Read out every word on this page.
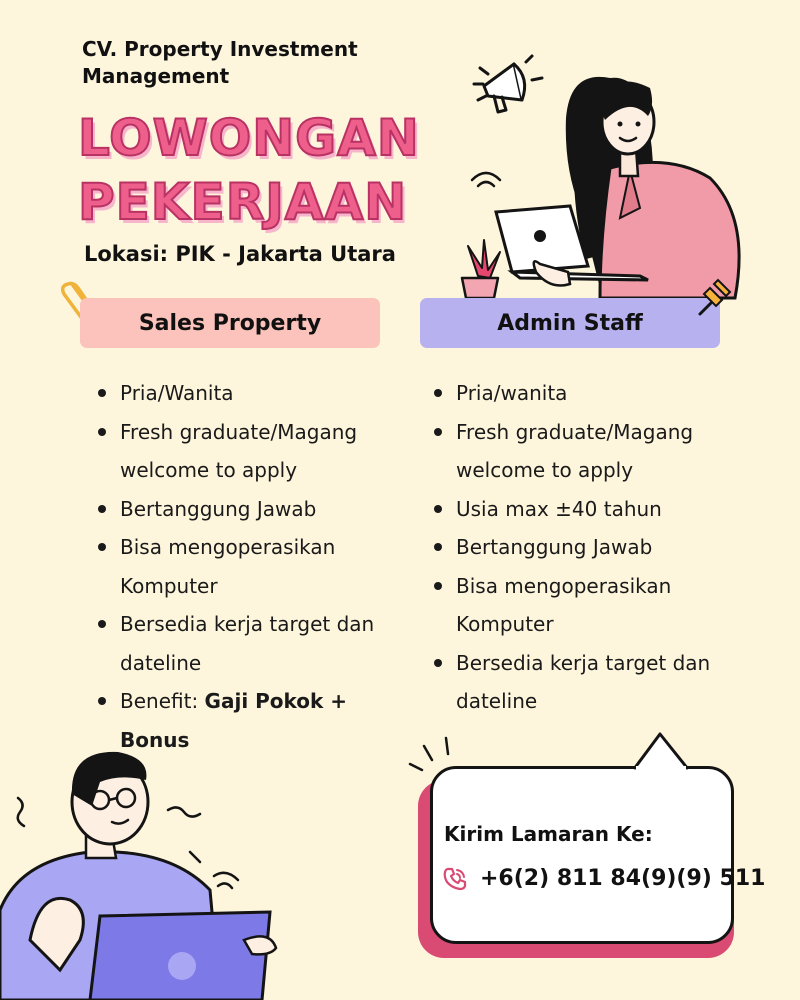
CV. Property Investment Management
LOWONGAN
PEKERJAAN
Lokasi: PIK - Jakarta Utara
Sales Property	Admin Staff
Pria/Wanita
Fresh graduate/Magang welcome to apply
Bertanggung Jawab
Bisa mengoperasikan Komputer
Bersedia kerja target dan dateline
Benefit: Gaji Pokok + Bonus
Pria/wanita
Fresh graduate/Magang welcome to apply
Usia max ±40 tahun
Bertanggung Jawab
Bisa mengoperasikan Komputer
Bersedia kerja target dan dateline
Kirim Lamaran Ke:
+6(2) 811 84(9)(9) 511
